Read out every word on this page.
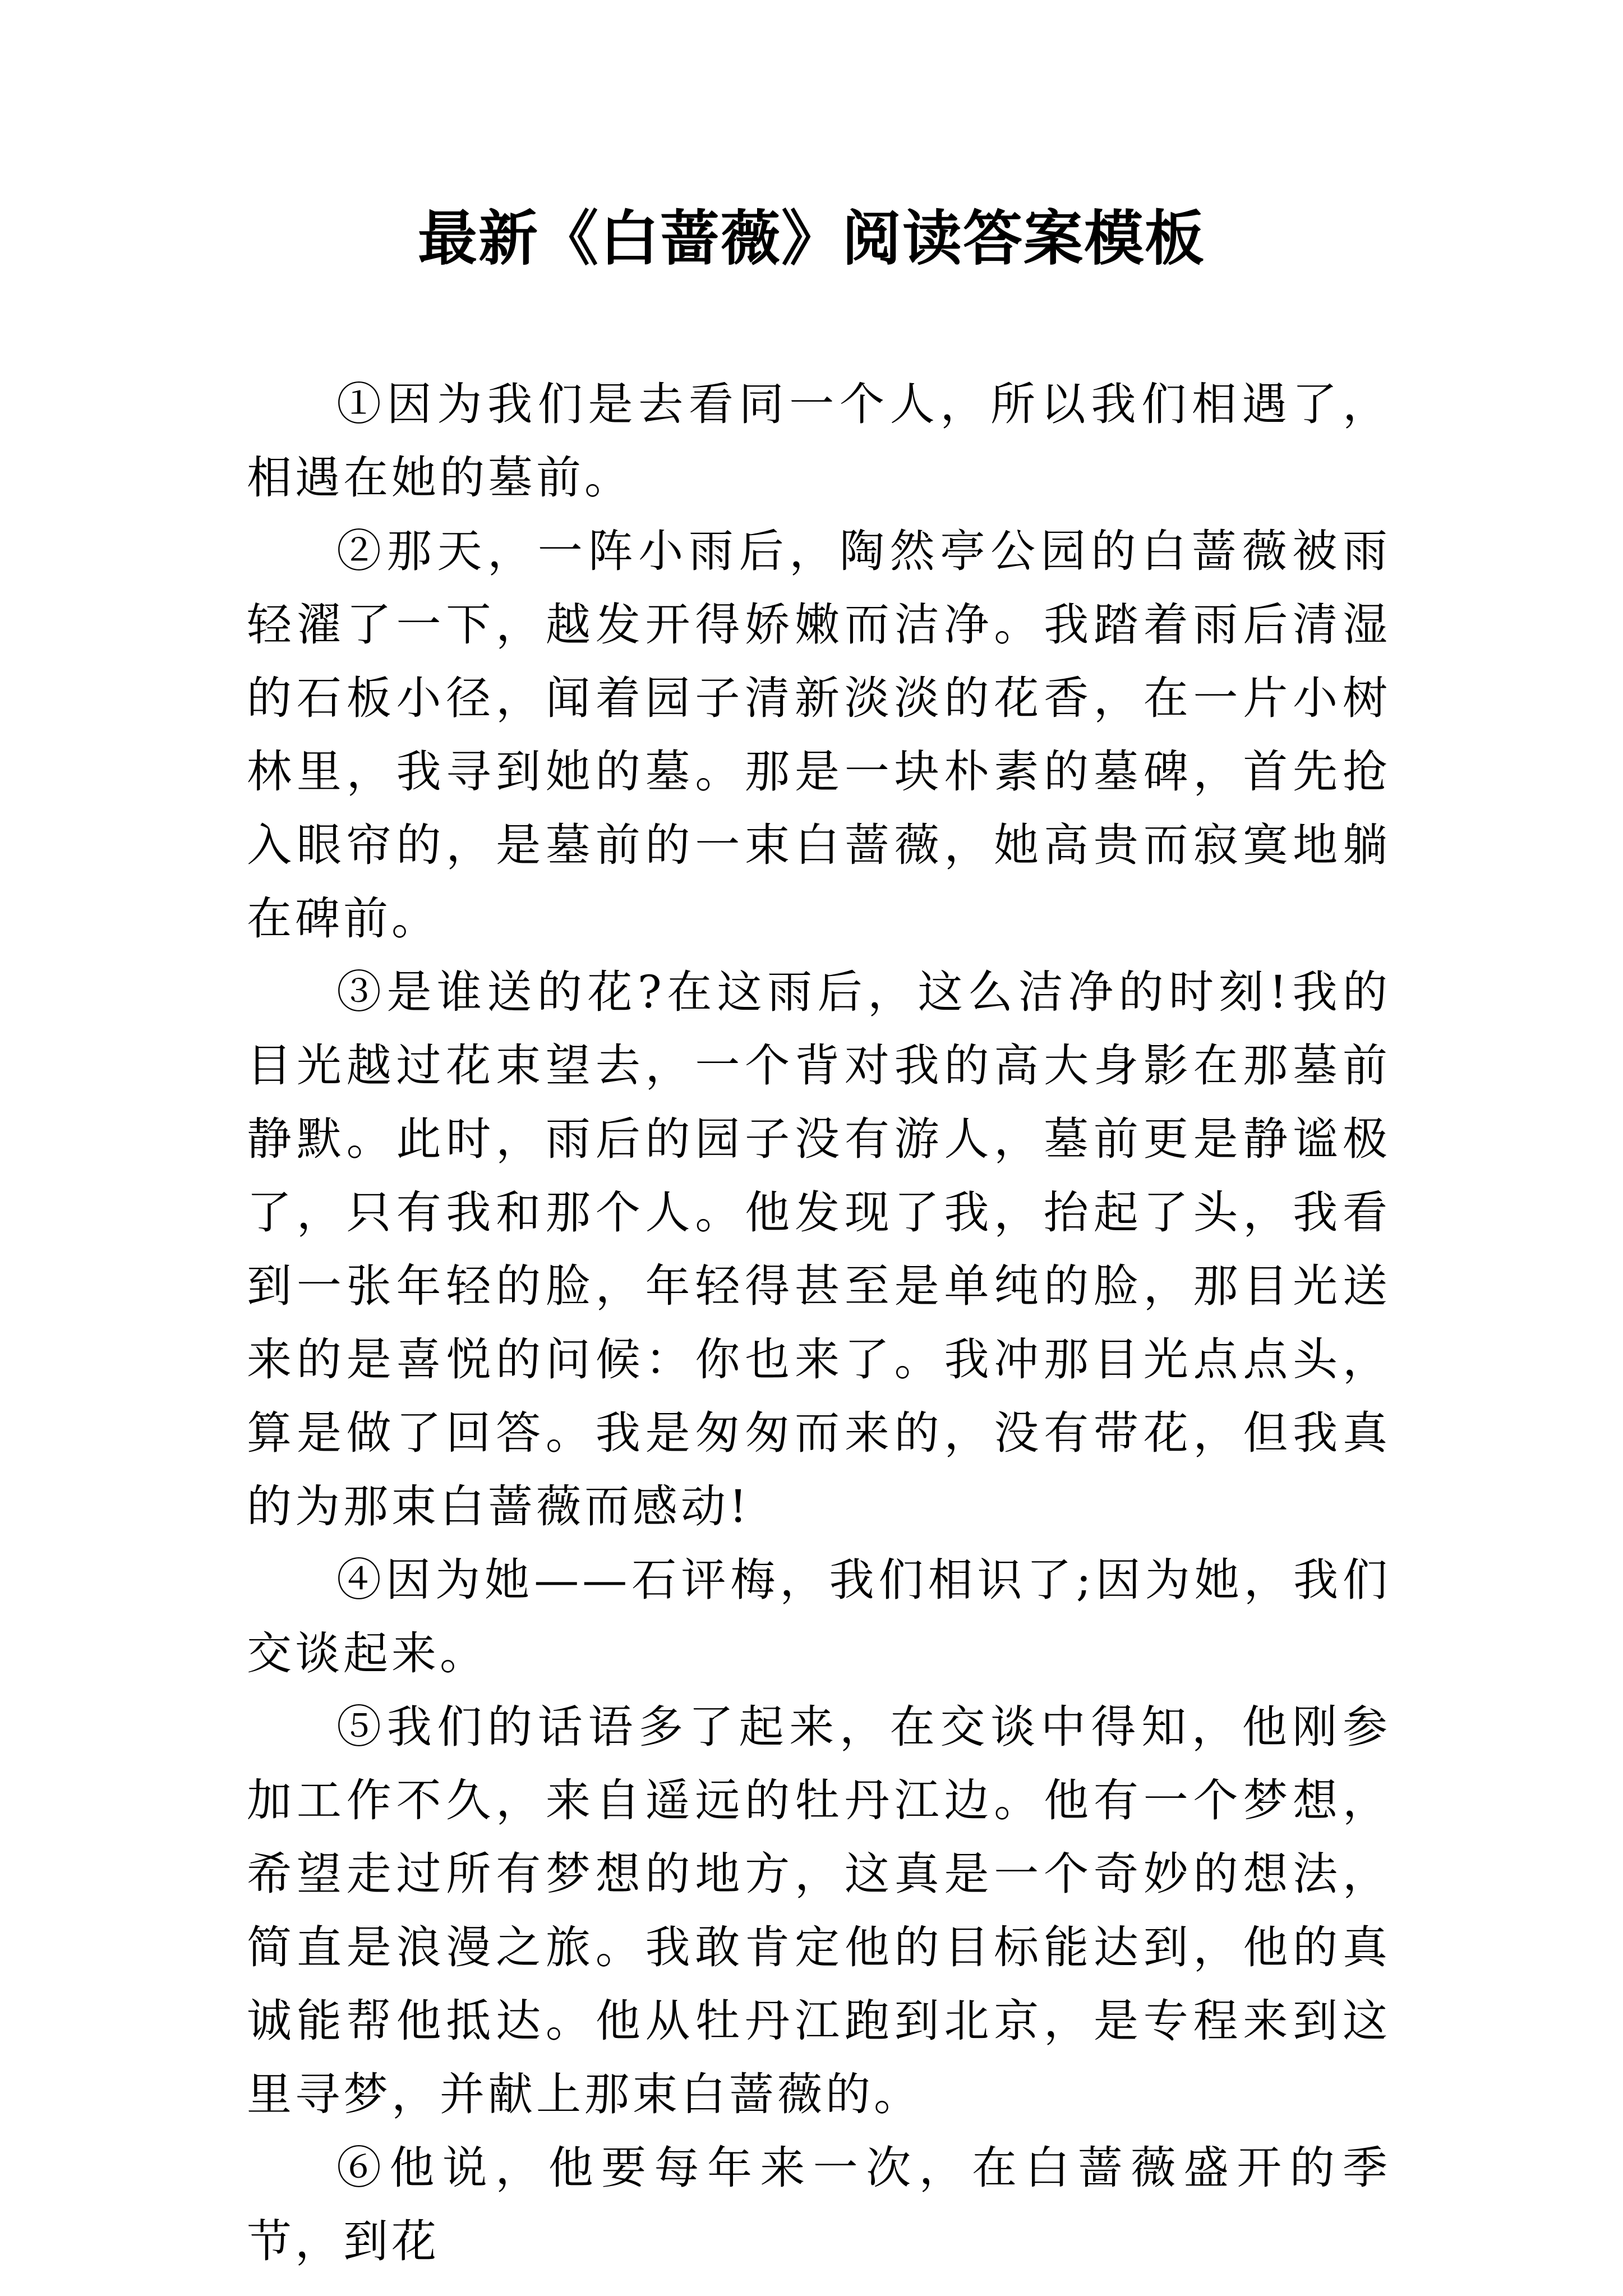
最新《白蔷薇》阅读答案模板

①因为我们是去看同一个人，所以我们相遇了，相遇在她的墓前。

②那天，一阵小雨后，陶然亭公园的白蔷薇被雨轻濯了一下，越发开得娇嫩而洁净。我踏着雨后清湿的石板小径，闻着园子清新淡淡的花香，在一片小树林里，我寻到她的墓。那是一块朴素的墓碑，首先抢入眼帘的，是墓前的一束白蔷薇，她高贵而寂寞地躺在碑前。

③是谁送的花?在这雨后，这么洁净的时刻!我的目光越过花束望去，一个背对我的高大身影在那墓前静默。此时，雨后的园子没有游人，墓前更是静谧极了，只有我和那个人。他发现了我，抬起了头，我看到一张年轻的脸，年轻得甚至是单纯的脸，那目光送来的是喜悦的问候：你也来了。我冲那目光点点头，算是做了回答。我是匆匆而来的，没有带花，但我真的为那束白蔷薇而感动!

④因为她——石评梅，我们相识了;因为她，我们交谈起来。

⑤我们的话语多了起来，在交谈中得知，他刚参加工作不久，来自遥远的牡丹江边。他有一个梦想，希望走过所有梦想的地方，这真是一个奇妙的想法，简直是浪漫之旅。我敢肯定他的目标能达到，他的真诚能帮他抵达。他从牡丹江跑到北京，是专程来到这里寻梦，并献上那束白蔷薇的。

⑥他说，他要每年来一次，在白蔷薇盛开的季节，到花
